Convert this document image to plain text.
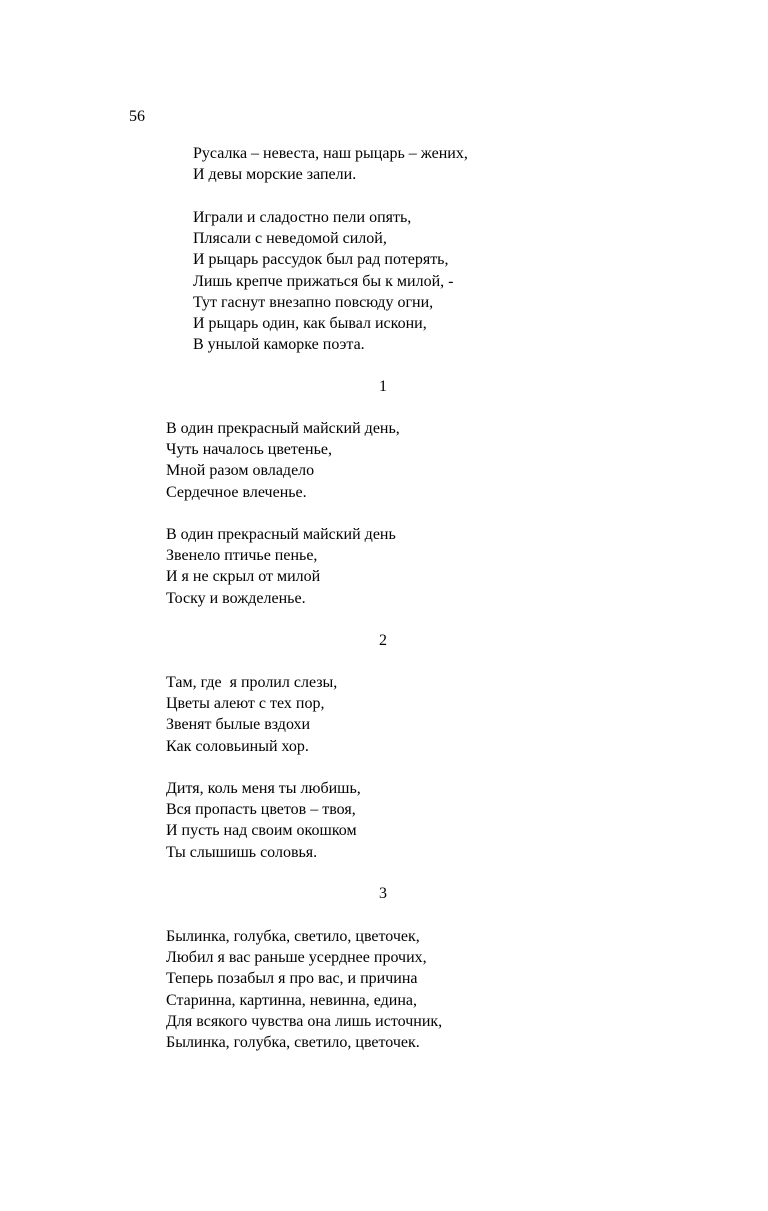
56
Русалка – невеста, наш рыцарь – жених,
И девы морские запели.
Играли и сладостно пели опять,
Плясали с неведомой силой,
И рыцарь рассудок был рад потерять,
Лишь крепче прижаться бы к милой, -
Тут гаснут внезапно повсюду огни,
И рыцарь один, как бывал искони,
В унылой каморке поэта.
1
В один прекрасный майский день,
Чуть началось цветенье,
Мной разом овладело
Сердечное влеченье.
В один прекрасный майский день
Звенело птичье пенье,
И я не скрыл от милой
Тоску и вожделенье.
2
Там, где  я пролил слезы,
Цветы алеют с тех пор,
Звенят былые вздохи
Как соловьиный хор.
Дитя, коль меня ты любишь,
Вся пропасть цветов – твоя,
И пусть над своим окошком
Ты слышишь соловья.
3
Былинка, голубка, светило, цветочек,
Любил я вас раньше усерднее прочих,
Теперь позабыл я про вас, и причина
Старинна, картинна, невинна, едина,
Для всякого чувства она лишь источник,
Былинка, голубка, светило, цветочек.
